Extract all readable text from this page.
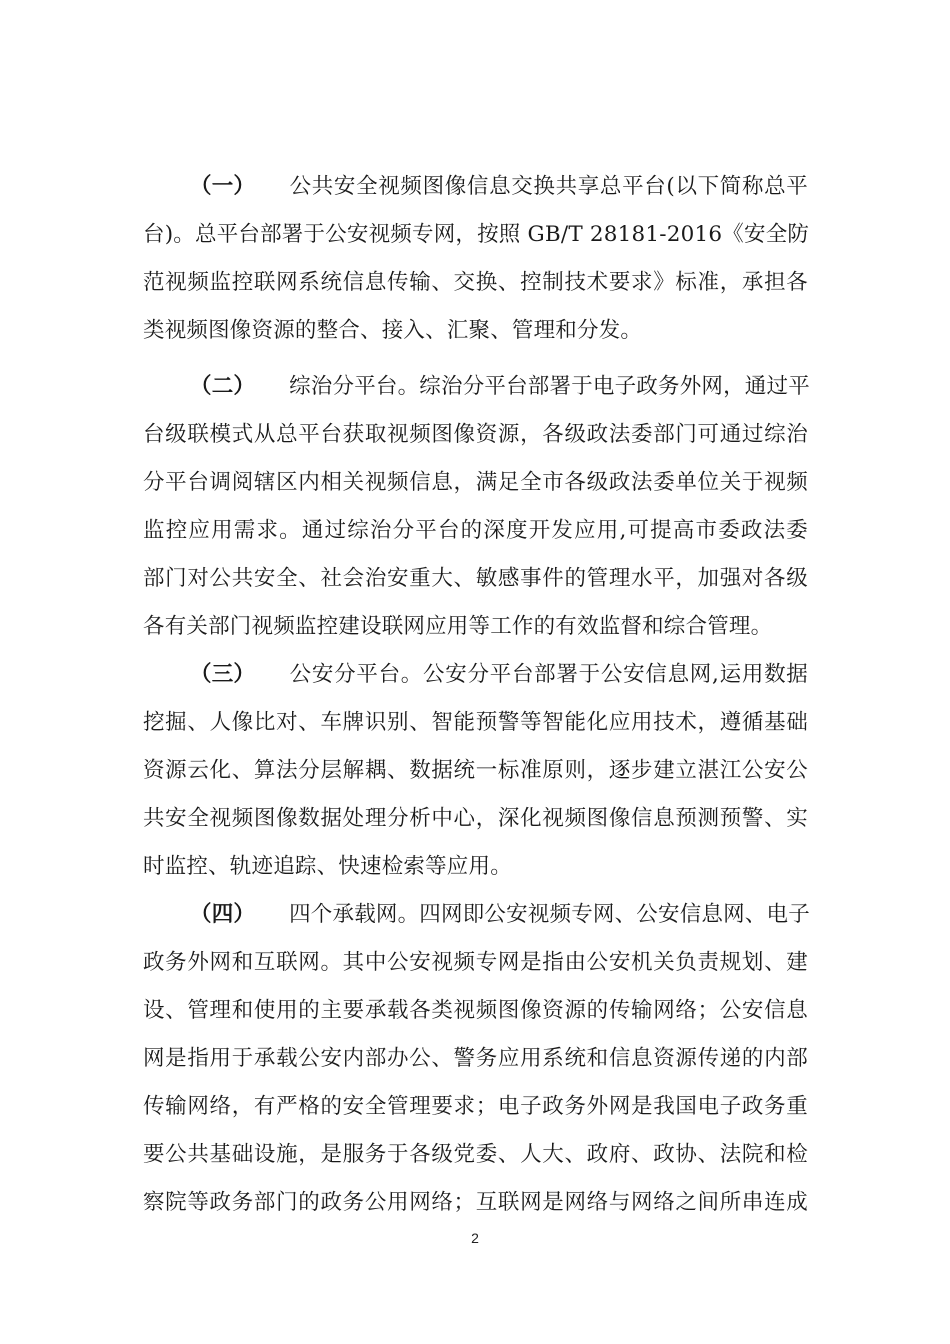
（一） 公共安全视频图像信息交换共享总平台(以下简称总平
台)。总平台部署于公安视频专网，按照 GB/T 28181-2016《安全防
范视频监控联网系统信息传输、交换、控制技术要求》标准，承担各
类视频图像资源的整合、接入、汇聚、管理和分发。
（二） 综治分平台。综治分平台部署于电子政务外网，通过平
台级联模式从总平台获取视频图像资源，各级政法委部门可通过综治
分平台调阅辖区内相关视频信息，满足全市各级政法委单位关于视频
监控应用需求。通过综治分平台的深度开发应用,可提高市委政法委
部门对公共安全、社会治安重大、敏感事件的管理水平，加强对各级
各有关部门视频监控建设联网应用等工作的有效监督和综合管理。
（三） 公安分平台。公安分平台部署于公安信息网,运用数据
挖掘、人像比对、车牌识别、智能预警等智能化应用技术，遵循基础
资源云化、算法分层解耦、数据统一标准原则，逐步建立湛江公安公
共安全视频图像数据处理分析中心，深化视频图像信息预测预警、实
时监控、轨迹追踪、快速检索等应用。
（四） 四个承载网。四网即公安视频专网、公安信息网、电子
政务外网和互联网。其中公安视频专网是指由公安机关负责规划、建
设、管理和使用的主要承载各类视频图像资源的传输网络；公安信息
网是指用于承载公安内部办公、警务应用系统和信息资源传递的内部
传输网络，有严格的安全管理要求；电子政务外网是我国电子政务重
要公共基础设施，是服务于各级党委、人大、政府、政协、法院和检
察院等政务部门的政务公用网络；互联网是网络与网络之间所串连成
2
